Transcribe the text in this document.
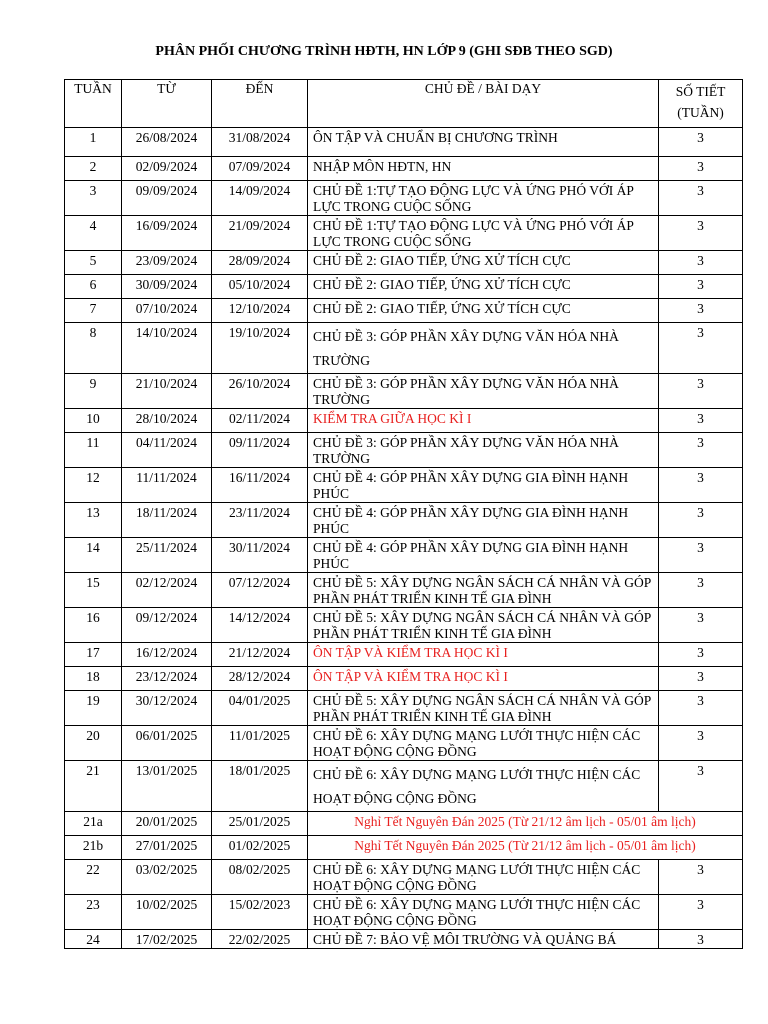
PHÂN PHỐI CHƯƠNG TRÌNH HĐTH, HN LỚP 9 (GHI SĐB THEO SGD)
TUẦN	TỪ	ĐẾN	CHỦ ĐỀ / BÀI DẠY	SỐ TIẾT
(TUẦN)
1	26/08/2024	31/08/2024	ÔN TẬP VÀ CHUẨN BỊ CHƯƠNG TRÌNH	3
2	02/09/2024	07/09/2024	NHẬP MÔN HĐTN, HN	3
3	09/09/2024	14/09/2024	CHỦ ĐỀ 1:TỰ TẠO ĐỘNG LỰC VÀ ỨNG PHÓ VỚI ÁP LỰC TRONG CUỘC SỐNG	3
4	16/09/2024	21/09/2024	CHỦ ĐỀ 1:TỰ TẠO ĐỘNG LỰC VÀ ỨNG PHÓ VỚI ÁP LỰC TRONG CUỘC SỐNG	3
5	23/09/2024	28/09/2024	CHỦ ĐỀ 2: GIAO TIẾP, ỨNG XỬ TÍCH CỰC	3
6	30/09/2024	05/10/2024	CHỦ ĐỀ 2: GIAO TIẾP, ỨNG XỬ TÍCH CỰC	3
7	07/10/2024	12/10/2024	CHỦ ĐỀ 2: GIAO TIẾP, ỨNG XỬ TÍCH CỰC	3
8	14/10/2024	19/10/2024	CHỦ ĐỀ 3: GÓP PHẦN XÂY DỰNG VĂN HÓA NHÀ TRƯỜNG	3
9	21/10/2024	26/10/2024	CHỦ ĐỀ 3: GÓP PHẦN XÂY DỰNG VĂN HÓA NHÀ TRƯỜNG	3
10	28/10/2024	02/11/2024	KIỂM TRA GIỮA HỌC KÌ I	3
11	04/11/2024	09/11/2024	CHỦ ĐỀ 3: GÓP PHẦN XÂY DỰNG VĂN HÓA NHÀ TRƯỜNG	3
12	11/11/2024	16/11/2024	CHỦ ĐỀ 4: GÓP PHẦN XÂY DỰNG GIA ĐÌNH HẠNH PHÚC	3
13	18/11/2024	23/11/2024	CHỦ ĐỀ 4: GÓP PHẦN XÂY DỰNG GIA ĐÌNH HẠNH PHÚC	3
14	25/11/2024	30/11/2024	CHỦ ĐỀ 4: GÓP PHẦN XÂY DỰNG GIA ĐÌNH HẠNH PHÚC	3
15	02/12/2024	07/12/2024	CHỦ ĐỀ 5: XÂY DỰNG NGÂN SÁCH CÁ NHÂN VÀ GÓP PHẦN PHÁT TRIỂN KINH TẾ GIA ĐÌNH	3
16	09/12/2024	14/12/2024	CHỦ ĐỀ 5: XÂY DỰNG NGÂN SÁCH CÁ NHÂN VÀ GÓP PHẦN PHÁT TRIỂN KINH TẾ GIA ĐÌNH	3
17	16/12/2024	21/12/2024	ÔN TẬP VÀ KIỂM TRA HỌC KÌ I	3
18	23/12/2024	28/12/2024	ÔN TẬP VÀ KIỂM TRA HỌC KÌ I	3
19	30/12/2024	04/01/2025	CHỦ ĐỀ 5: XÂY DỰNG NGÂN SÁCH CÁ NHÂN VÀ GÓP PHẦN PHÁT TRIỂN KINH TẾ GIA ĐÌNH	3
20	06/01/2025	11/01/2025	CHỦ ĐỀ 6: XÂY DỰNG MẠNG LƯỚI THỰC HIỆN CÁC HOẠT ĐỘNG CỘNG ĐỒNG	3
21	13/01/2025	18/01/2025	CHỦ ĐỀ 6: XÂY DỰNG MẠNG LƯỚI THỰC HIỆN CÁC HOẠT ĐỘNG CỘNG ĐỒNG	3
21a	20/01/2025	25/01/2025	Nghỉ Tết Nguyên Đán 2025 (Từ 21/12 âm lịch - 05/01 âm lịch)	
21b	27/01/2025	01/02/2025	Nghỉ Tết Nguyên Đán 2025 (Từ 21/12 âm lịch - 05/01 âm lịch)	
22	03/02/2025	08/02/2025	CHỦ ĐỀ 6: XÂY DỰNG MẠNG LƯỚI THỰC HIỆN CÁC HOẠT ĐỘNG CỘNG ĐỒNG	3
23	10/02/2025	15/02/2023	CHỦ ĐỀ 6: XÂY DỰNG MẠNG LƯỚI THỰC HIỆN CÁC HOẠT ĐỘNG CỘNG ĐỒNG	3
24	17/02/2025	22/02/2025	CHỦ ĐỀ 7: BẢO VỆ MÔI TRƯỜNG VÀ QUẢNG BÁ	3
